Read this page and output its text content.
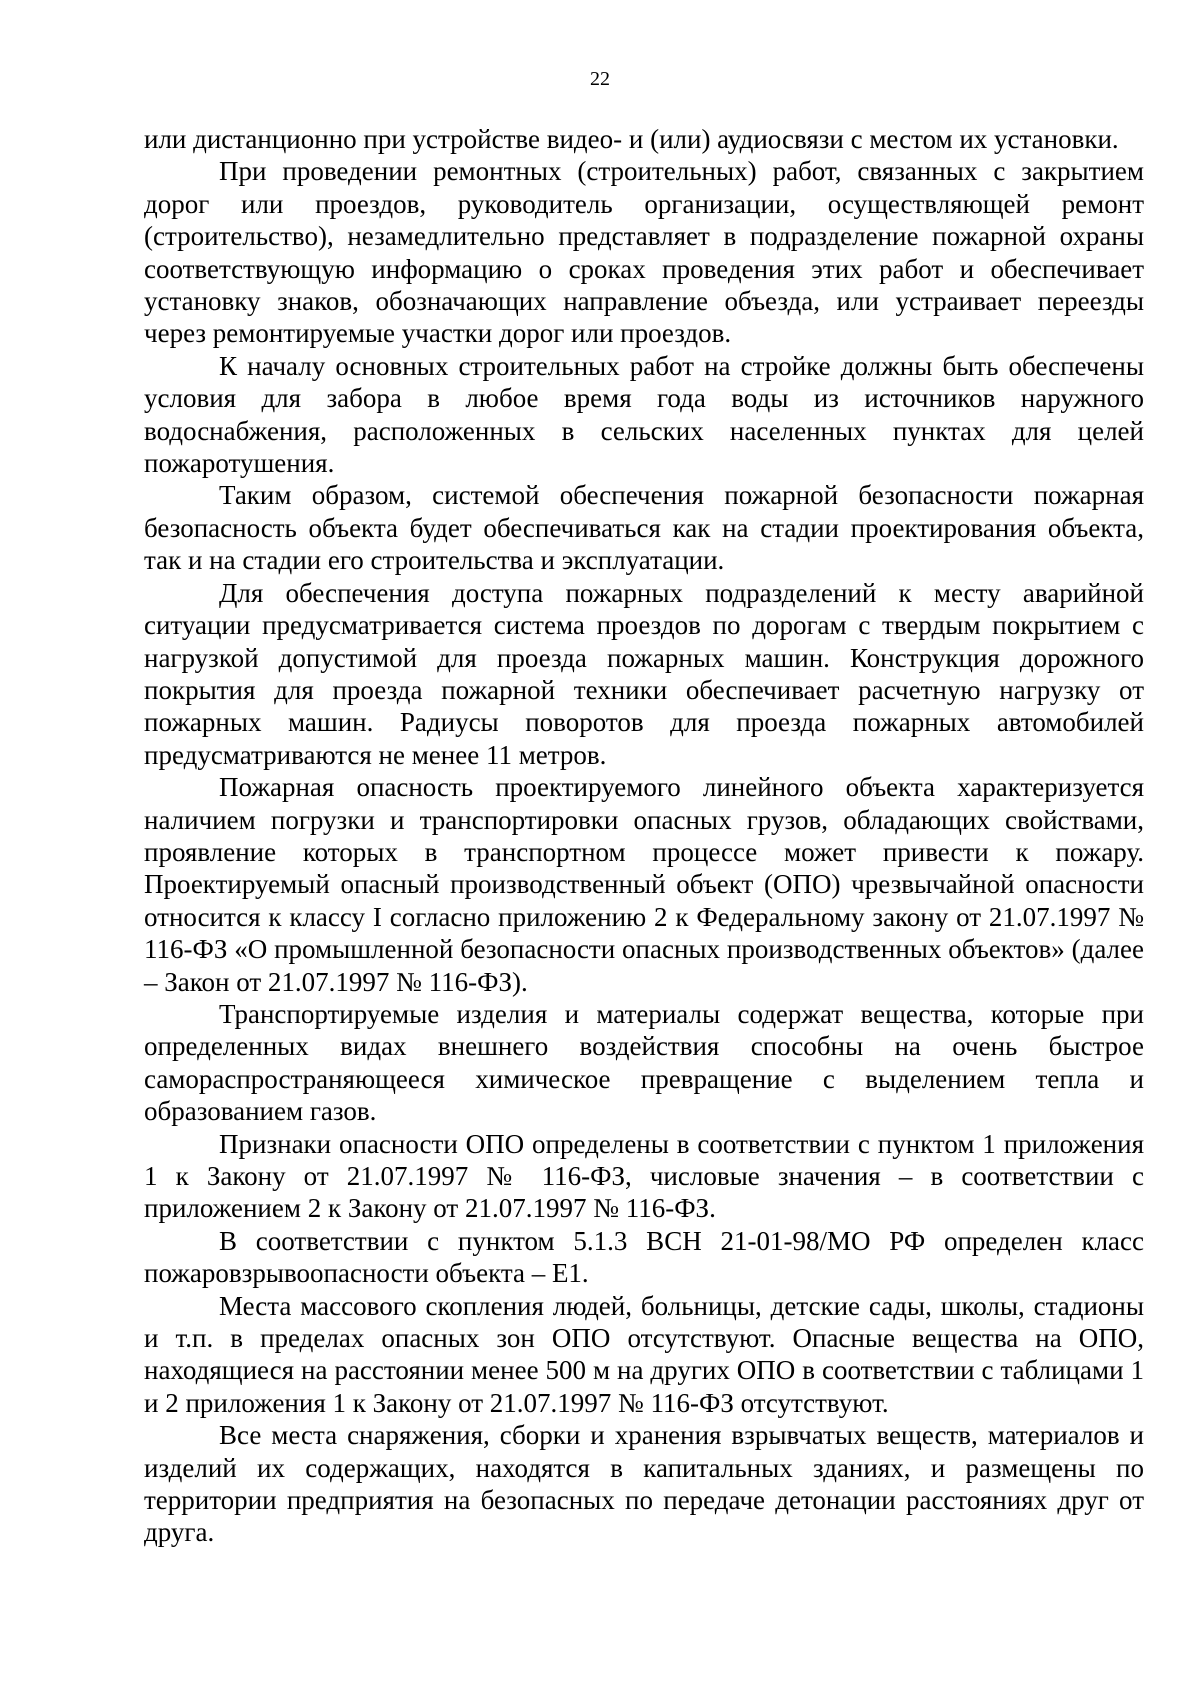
22

или дистанционно при устройстве видео- и (или) аудиосвязи с местом их установки.

При проведении ремонтных (строительных) работ, связанных с закрытием дорог или проездов, руководитель организации, осуществляющей ремонт (строительство), незамедлительно представляет в подразделение пожарной охраны соответствующую информацию о сроках проведения этих работ и обеспечивает установку знаков, обозначающих направление объезда, или устраивает переезды через ремонтируемые участки дорог или проездов.

К началу основных строительных работ на стройке должны быть обеспечены условия для забора в любое время года воды из источников наружного водоснабжения, расположенных в сельских населенных пунктах для целей пожаротушения.

Таким образом, системой обеспечения пожарной безопасности пожарная безопасность объекта будет обеспечиваться как на стадии проектирования объекта, так и на стадии его строительства и эксплуатации.

Для обеспечения доступа пожарных подразделений к месту аварийной ситуации предусматривается система проездов по дорогам с твердым покрытием с нагрузкой допустимой для проезда пожарных машин. Конструкция дорожного покрытия для проезда пожарной техники обеспечивает расчетную нагрузку от пожарных машин. Радиусы поворотов для проезда пожарных автомобилей предусматриваются не менее 11 метров.

Пожарная опасность проектируемого линейного объекта характеризуется наличием погрузки и транспортировки опасных грузов, обладающих свойствами, проявление которых в транспортном процессе может привести к пожару. Проектируемый опасный производственный объект (ОПО) чрезвычайной опасности относится к классу I согласно приложению 2 к Федеральному закону от 21.07.1997 № 116-ФЗ «О промышленной безопасности опасных производственных объектов» (далее – Закон от 21.07.1997 № 116-ФЗ).

Транспортируемые изделия и материалы содержат вещества, которые при определенных видах внешнего воздействия способны на очень быстрое самораспространяющееся химическое превращение с выделением тепла и образованием газов.

Признаки опасности ОПО определены в соответствии с пунктом 1 приложения 1 к Закону от 21.07.1997 № 116-ФЗ, числовые значения – в соответствии с приложением 2 к Закону от 21.07.1997 № 116-ФЗ.

В соответствии с пунктом 5.1.3 ВСН 21-01-98/МО РФ определен класс пожаровзрывоопасности объекта – Е1.

Места массового скопления людей, больницы, детские сады, школы, стадионы и т.п. в пределах опасных зон ОПО отсутствуют. Опасные вещества на ОПО, находящиеся на расстоянии менее 500 м на других ОПО в соответствии с таблицами 1 и 2 приложения 1 к Закону от 21.07.1997 № 116-ФЗ отсутствуют.

Все места снаряжения, сборки и хранения взрывчатых веществ, материалов и изделий их содержащих, находятся в капитальных зданиях, и размещены по территории предприятия на безопасных по передаче детонации расстояниях друг от друга.
